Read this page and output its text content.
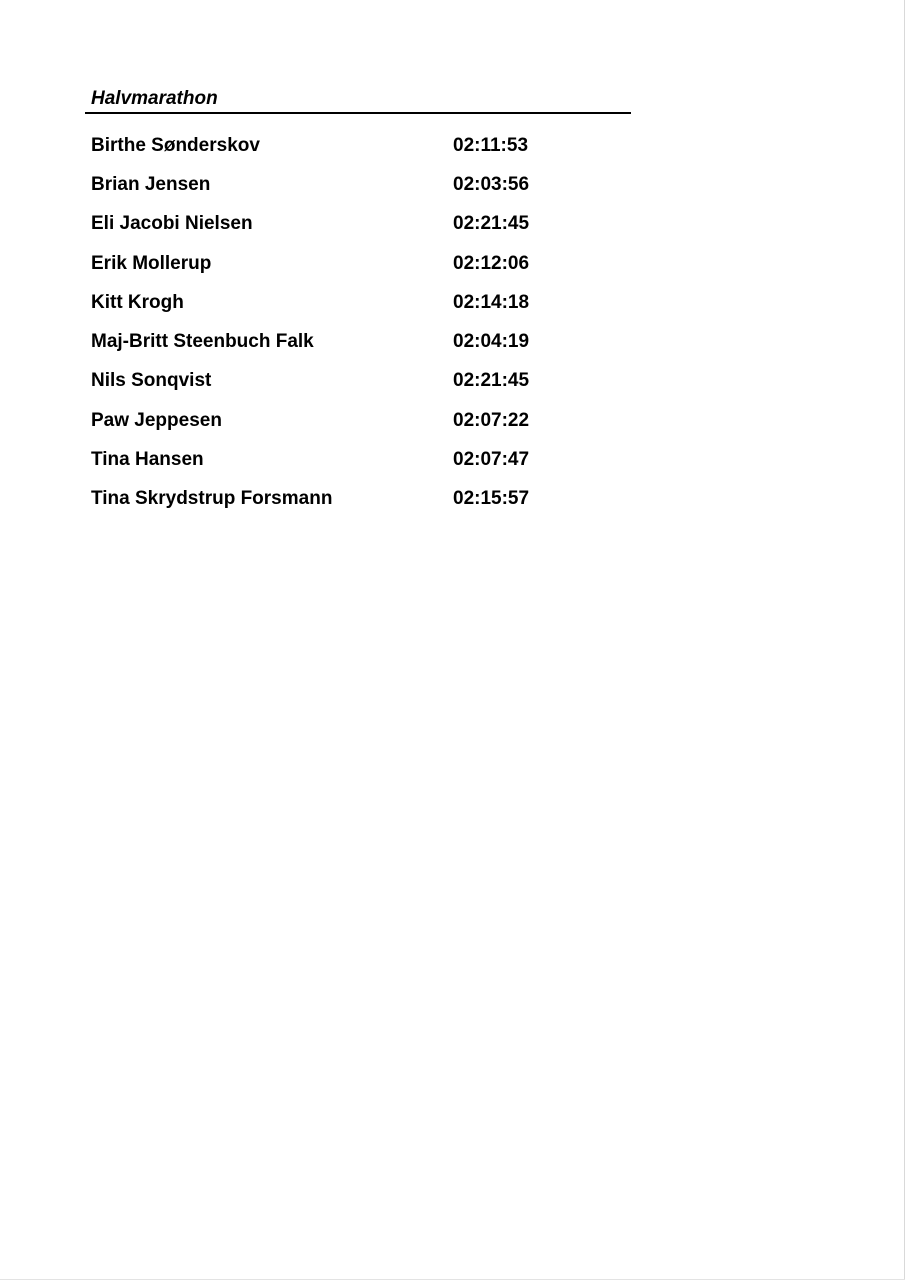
Halvmarathon
Birthe Sønderskov	02:11:53
Brian Jensen	02:03:56
Eli Jacobi Nielsen	02:21:45
Erik Mollerup	02:12:06
Kitt Krogh	02:14:18
Maj-Britt Steenbuch Falk	02:04:19
Nils Sonqvist	02:21:45
Paw Jeppesen	02:07:22
Tina Hansen	02:07:47
Tina Skrydstrup Forsmann	02:15:57
